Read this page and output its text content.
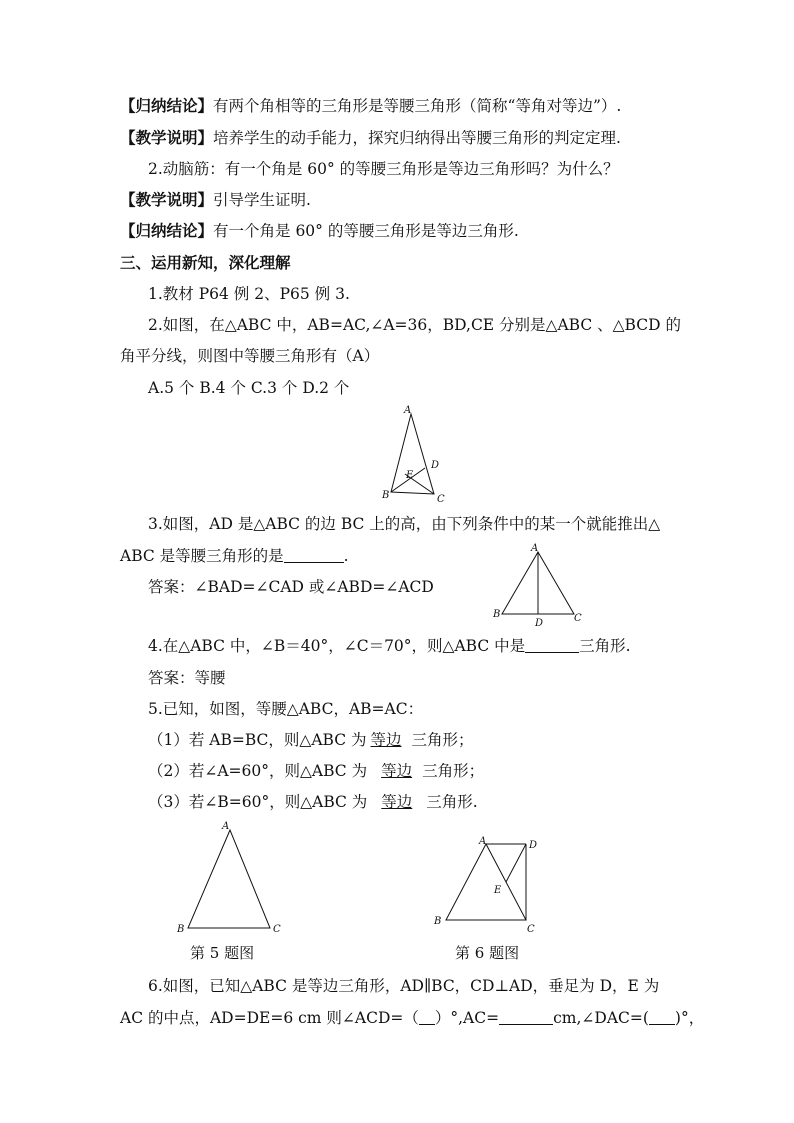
【归纳结论】有两个角相等的三角形是等腰三角形（简称“等角对等边”）.
【教学说明】培养学生的动手能力，探究归纳得出等腰三角形的判定定理.
2.动脑筋：有一个角是 60° 的等腰三角形是等边三角形吗？为什么？
【教学说明】引导学生证明.
【归纳结论】有一个角是 60° 的等腰三角形是等边三角形.
三、运用新知，深化理解
1.教材 P64 例 2、P65 例 3.
2.如图，在△ABC 中，AB=AC,∠A=36，BD,CE 分别是△ABC 、△BCD 的
角平分线，则图中等腰三角形有（A）
A.5 个 B.4 个 C.3 个 D.2 个
A
B	C
D
E
3.如图，AD 是△ABC 的边 BC 上的高，由下列条件中的某一个就能推出△
ABC 是等腰三角形的是	.
答案：∠BAD=∠CAD 或∠ABD=∠ACD
A
B	C
D
4.在△ABC 中，∠B＝40°，∠C＝70°，则△ABC 中是	三角形.
答案：等腰
5.已知，如图，等腰△ABC，AB=AC：
（1）若 AB=BC，则△ABC 为 等边 三角形；
（2）若∠A=60°，则△ABC 为 等边 三角形；
（3）若∠B=60°，则△ABC 为 等边 三角形.
A
B	C
第 5 题图
A	D
B
C
E
第 6 题图
6.如图，已知△ABC 是等边三角形，AD∥BC，CD⊥AD，垂足为 D，E 为
AC 的中点，AD=DE=6 cm 则∠ACD=（ ）°,AC=	cm,∠DAC=( )°，
